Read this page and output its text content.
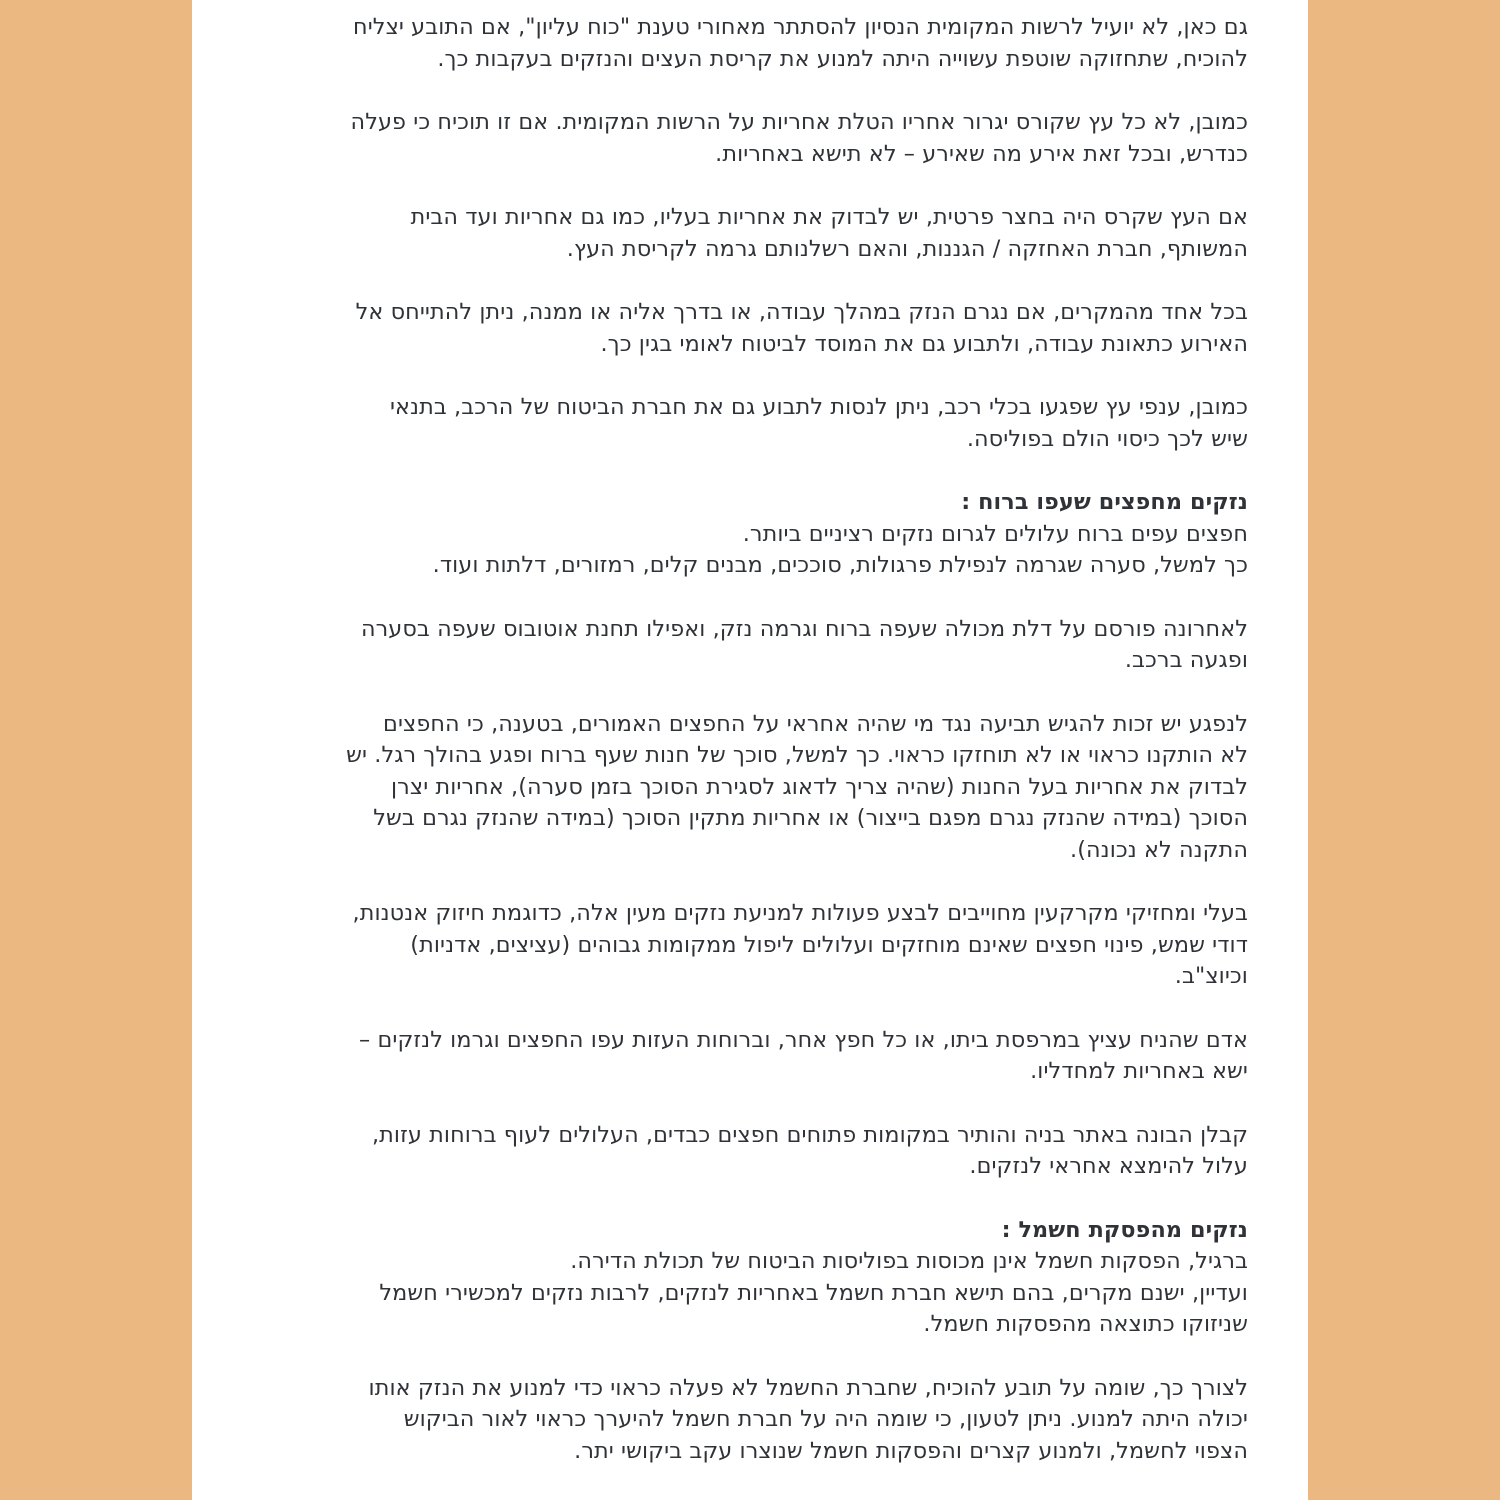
גם כאן, לא יועיל לרשות המקומית הנסיון להסתתר מאחורי טענת "כוח עליון", אם התובע יצליח
להוכיח, שתחזוקה שוטפת עשוייה היתה למנוע את קריסת העצים והנזקים בעקבות כך.
כמובן, לא כל עץ שקורס יגרור אחריו הטלת אחריות על הרשות המקומית. אם זו תוכיח כי פעלה
כנדרש, ובכל זאת אירע מה שאירע – לא תישא באחריות.
אם העץ שקרס היה בחצר פרטית, יש לבדוק את אחריות בעליו, כמו גם אחריות ועד הבית
המשותף, חברת האחזקה / הגננות, והאם רשלנותם גרמה לקריסת העץ.
בכל אחד מהמקרים, אם נגרם הנזק במהלך עבודה, או בדרך אליה או ממנה, ניתן להתייחס אל
האירוע כתאונת עבודה, ולתבוע גם את המוסד לביטוח לאומי בגין כך.
כמובן, ענפי עץ שפגעו בכלי רכב, ניתן לנסות לתבוע גם את חברת הביטוח של הרכב, בתנאי
שיש לכך כיסוי הולם בפוליסה.
נזקים מחפצים שעפו ברוח :
חפצים עפים ברוח עלולים לגרום נזקים רציניים ביותר.
כך למשל, סערה שגרמה לנפילת פרגולות, סוככים, מבנים קלים, רמזורים, דלתות ועוד.
לאחרונה פורסם על דלת מכולה שעפה ברוח וגרמה נזק, ואפילו תחנת אוטובוס שעפה בסערה
ופגעה ברכב.
לנפגע יש זכות להגיש תביעה נגד מי שהיה אחראי על החפצים האמורים, בטענה, כי החפצים
לא הותקנו כראוי או לא תוחזקו כראוי. כך למשל, סוכך של חנות שעף ברוח ופגע בהולך רגל. יש
לבדוק את אחריות בעל החנות (שהיה צריך לדאוג לסגירת הסוכך בזמן סערה), אחריות יצרן
הסוכך (במידה שהנזק נגרם מפגם בייצור) או אחריות מתקין הסוכך (במידה שהנזק נגרם בשל
התקנה לא נכונה).
בעלי ומחזיקי מקרקעין מחוייבים לבצע פעולות למניעת נזקים מעין אלה, כדוגמת חיזוק אנטנות,
דודי שמש, פינוי חפצים שאינם מוחזקים ועלולים ליפול ממקומות גבוהים (עציצים, אדניות)
וכיוצ"ב.
אדם שהניח עציץ במרפסת ביתו, או כל חפץ אחר, וברוחות העזות עפו החפצים וגרמו לנזקים –
ישא באחריות למחדליו.
קבלן הבונה באתר בניה והותיר במקומות פתוחים חפצים כבדים, העלולים לעוף ברוחות עזות,
עלול להימצא אחראי לנזקים.
נזקים מהפסקת חשמל :
ברגיל, הפסקות חשמל אינן מכוסות בפוליסות הביטוח של תכולת הדירה.
ועדיין, ישנם מקרים, בהם תישא חברת חשמל באחריות לנזקים, לרבות נזקים למכשירי חשמל
שניזוקו כתוצאה מהפסקות חשמל.
לצורך כך, שומה על תובע להוכיח, שחברת החשמל לא פעלה כראוי כדי למנוע את הנזק אותו
יכולה היתה למנוע. ניתן לטעון, כי שומה היה על חברת חשמל להיערך כראוי לאור הביקוש
הצפוי לחשמל, ולמנוע קצרים והפסקות חשמל שנוצרו עקב ביקושי יתר.
